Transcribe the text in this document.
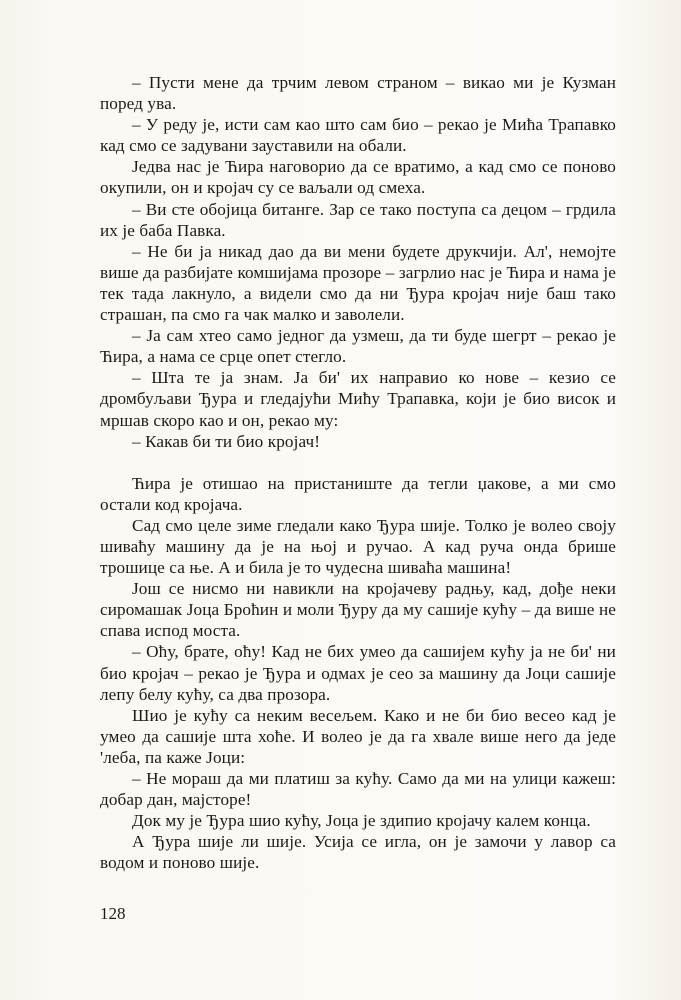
– Пусти мене да трчим левом страном – викао ми је Кузман поред ува.

– У реду је, исти сам као што сам био – рекао је Миħа Трапавко кад смо се задувани зауставили на обали.

Једва нас је Ћира наговорио да се вратимо, а кад смо се поново окупили, он и кројач су се ваљали од смеха.

– Ви сте обојица битанге. Зар се тако поступа са децом – грдила их је баба Павка.

– Не би ја никад дао да ви мени будете друкчији. Ал', немојте више да разбијате комшијама прозоре – загрлио нас је Ћира и нама је тек тада лакнуло, а видели смо да ни Ђура кројач није баш тако страшан, па смо га чак малко и заволели.

– Ја сам хтео само једног да узмеш, да ти буде шегрт – рекао је Ћира, а нама се срце опет стегло.

– Шта те ја знам. Ја би' их направио ко нове – кезио се дромбуљави Ђура и гледајући Миħу Трапавка, који је био висок и мршав скоро као и он, рекао му:

– Какав би ти био кројач!

Ћира је отишао на пристаниште да тегли џакове, а ми смо остали код кројача.

Сад смо целе зиме гледали како Ђура шије. Толко је волео своју шиваħу машину да је на њој и ручао. А кад руча онда брише трошице са ње. А и била је то чудесна шиваħа машина!

Још се нисмо ни навикли на кројачеву радњу, кад, дође неки сиромашак Јоца Броħин и моли Ђуру да му сашије куħу – да више не спава испод моста.

– Оħу, брате, оħу! Кад не бих умео да сашијем куħу ја не би' ни био кројач – рекао је Ђура и одмах је сео за машину да Јоци сашије лепу белу куħу, са два прозора.

Шио је куħу са неким весељем. Како и не би био весео кад је умео да сашије шта хоħе. И волео је да га хвале више него да једе 'леба, па каже Јоци:

– Не мораш да ми платиш за куħу. Само да ми на улици кажеш: добар дан, мајсторе!

Док му је Ђура шио куħу, Јоца је здипио кројачу калем конца.

А Ђура шије ли шије. Усија се игла, он је замочи у лавор са водом и поново шије.

128
